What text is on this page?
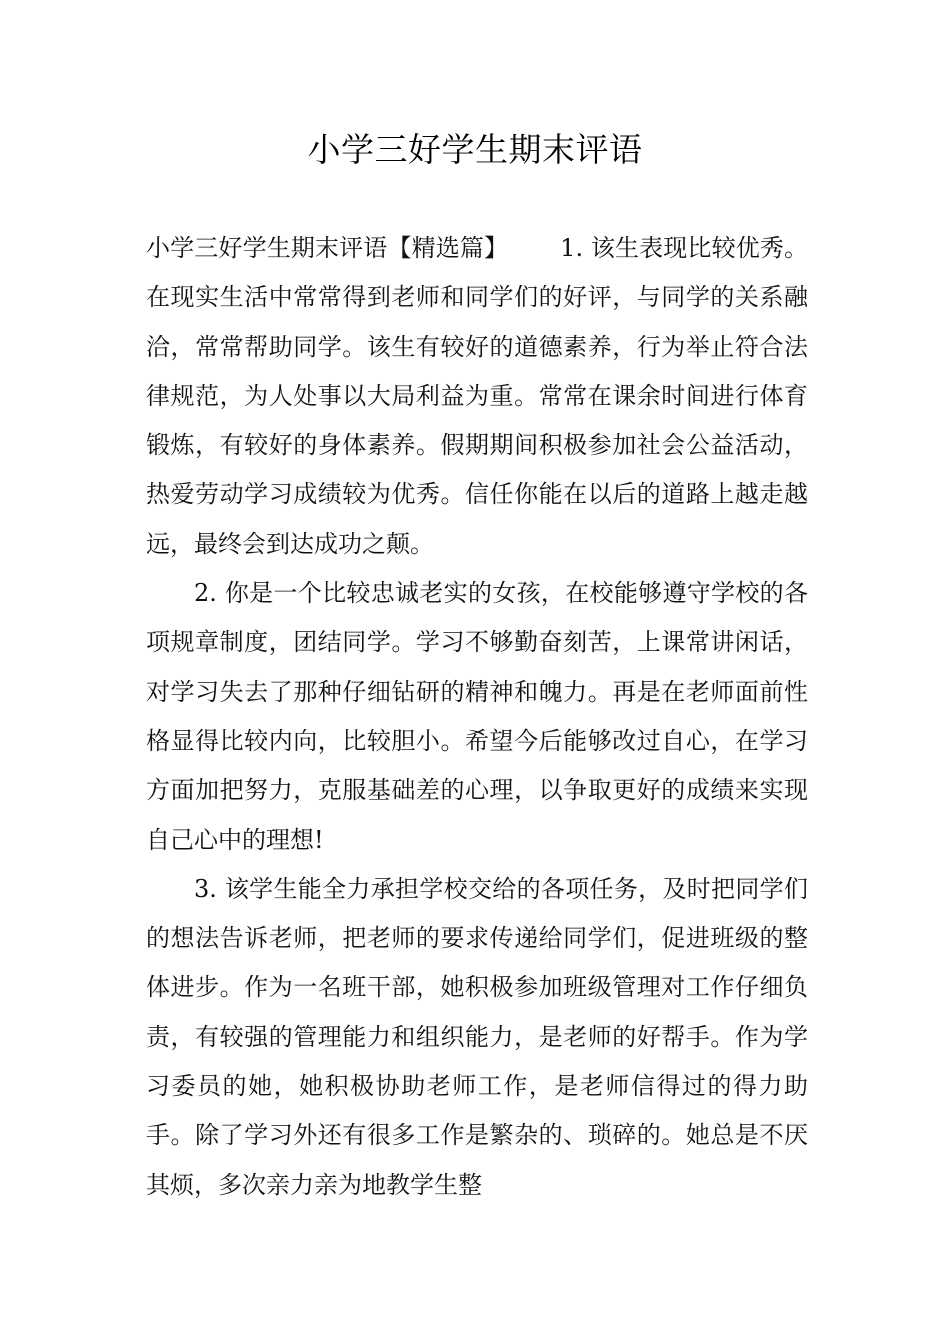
小学三好学生期末评语

小学三好学生期末评语【精选篇】 1. 该生表现比较优秀。在现实生活中常常得到老师和同学们的好评，与同学的关系融洽，常常帮助同学。该生有较好的道德素养，行为举止符合法律规范，为人处事以大局利益为重。常常在课余时间进行体育锻炼，有较好的身体素养。假期期间积极参加社会公益活动，热爱劳动学习成绩较为优秀。信任你能在以后的道路上越走越远，最终会到达成功之颠。

2. 你是一个比较忠诚老实的女孩，在校能够遵守学校的各项规章制度，团结同学。学习不够勤奋刻苦，上课常讲闲话，对学习失去了那种仔细钻研的精神和魄力。再是在老师面前性格显得比较内向，比较胆小。希望今后能够改过自心，在学习方面加把努力，克服基础差的心理，以争取更好的成绩来实现自己心中的理想!

3. 该学生能全力承担学校交给的各项任务，及时把同学们的想法告诉老师，把老师的要求传递给同学们，促进班级的整体进步。作为一名班干部，她积极参加班级管理对工作仔细负责，有较强的管理能力和组织能力，是老师的好帮手。作为学习委员的她，她积极协助老师工作，是老师信得过的得力助手。除了学习外还有很多工作是繁杂的、琐碎的。她总是不厌其烦，多次亲力亲为地教学生整
